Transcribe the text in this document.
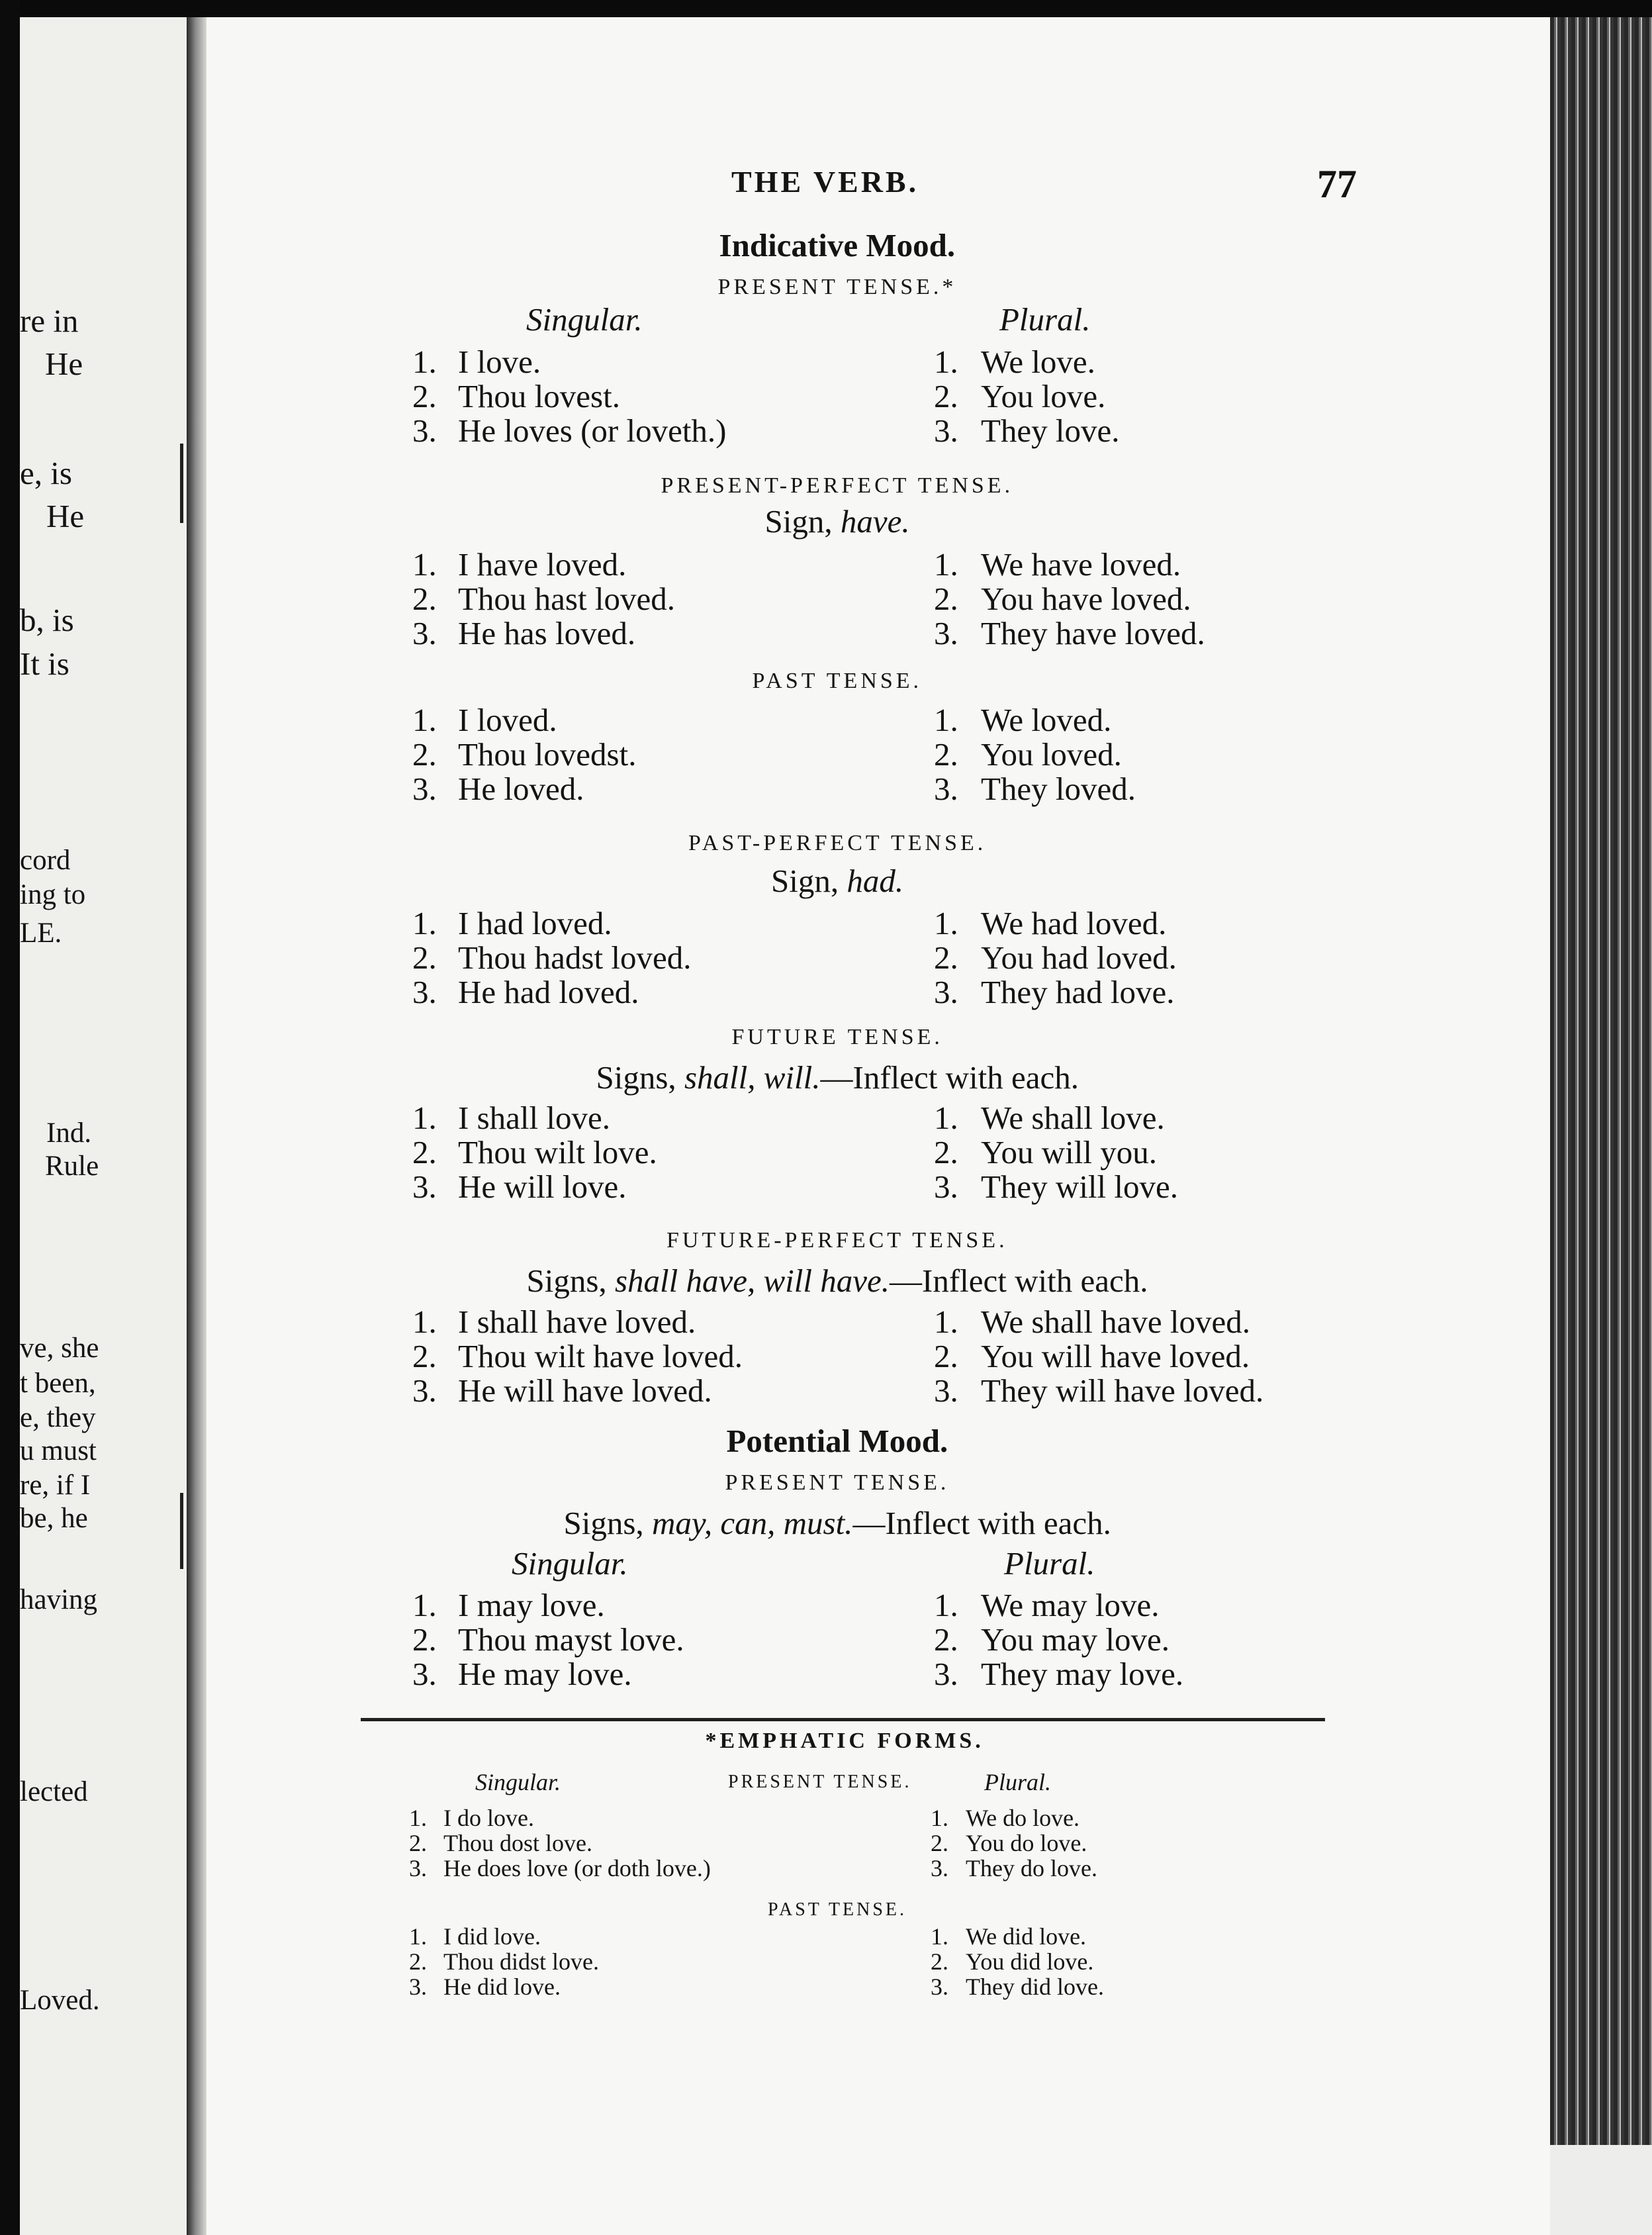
re in
He
e, is
He
b, is
It is
cord
ing to
LE.
Ind.
Rule
ve, she
t been,
e, they
u must
re, if I
be, he
having
lected
Loved.
THE VERB.	77
Indicative Mood.
PRESENT TENSE.*
Singular.	Plural.
1. I love.	1. We love.
2. Thou lovest.	2. You love.
3. He loves (or loveth.)	3. They love.
PRESENT-PERFECT TENSE.
Sign, have.
1. I have loved.	1. We have loved.
2. Thou hast loved.	2. You have loved.
3. He has loved.	3. They have loved.
PAST TENSE.
1. I loved.	1. We loved.
2. Thou lovedst.	2. You loved.
3. He loved.	3. They loved.
PAST-PERFECT TENSE.
Sign, had.
1. I had loved.	1. We had loved.
2. Thou hadst loved.	2. You had loved.
3. He had loved.	3. They had love.
FUTURE TENSE.
Signs, shall, will.—Inflect with each.
1. I shall love.	1. We shall love.
2. Thou wilt love.	2. You will you.
3. He will love.	3. They will love.
FUTURE-PERFECT TENSE.
Signs, shall have, will have.—Inflect with each.
1. I shall have loved.	1. We shall have loved.
2. Thou wilt have loved.	2. You will have loved.
3. He will have loved.	3. They will have loved.
Potential Mood.
PRESENT TENSE.
Signs, may, can, must.—Inflect with each.
Singular.	Plural.
1. I may love.	1. We may love.
2. Thou mayst love.	2. You may love.
3. He may love.	3. They may love.
*EMPHATIC FORMS.
Singular.	PRESENT TENSE.	Plural.
1. I do love.	1. We do love.
2. Thou dost love.	2. You do love.
3. He does love (or doth love.)	3. They do love.
PAST TENSE.
1. I did love.	1. We did love.
2. Thou didst love.	2. You did love.
3. He did love.	3. They did love.
